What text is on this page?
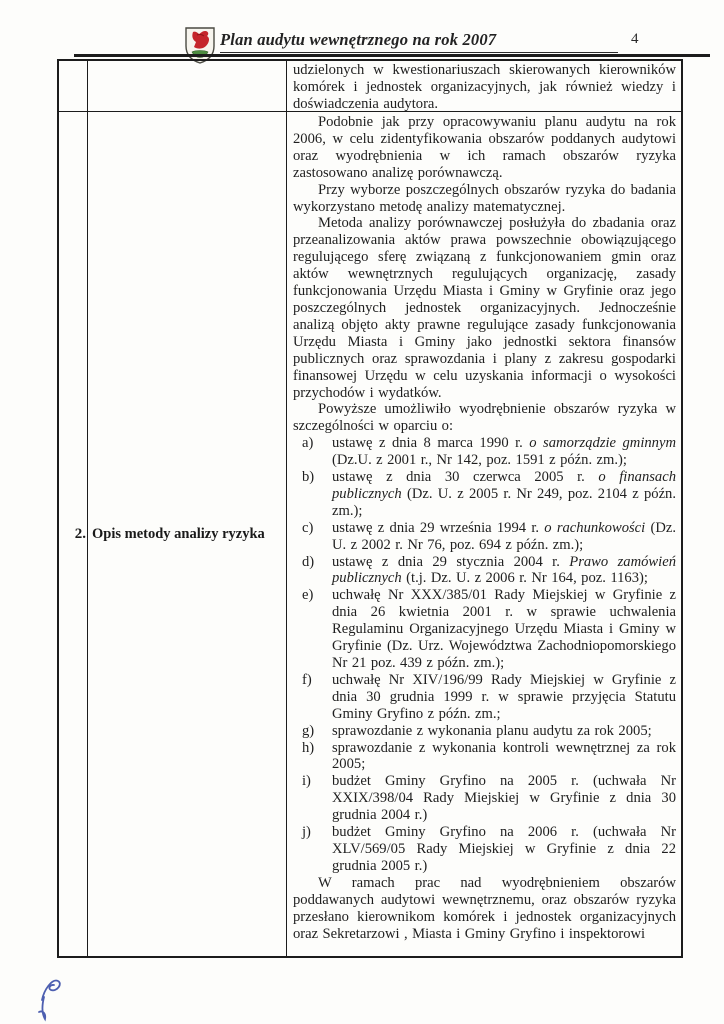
Plan audytu wewnętrznego na rok 2007	4
udzielonych w kwestionariuszach skierowanych kierowników komórek i jednostek organizacyjnych, jak również wiedzy i doświadczenia audytora.
2. Opis metody analizy ryzyka

Podobnie jak przy opracowywaniu planu audytu na rok 2006, w celu zidentyfikowania obszarów poddanych audytowi oraz wyodrębnienia w ich ramach obszarów ryzyka zastosowano analizę porównawczą.

Przy wyborze poszczególnych obszarów ryzyka do badania wykorzystano metodę analizy matematycznej.

Metoda analizy porównawczej posłużyła do zbadania oraz przeanalizowania aktów prawa powszechnie obowiązującego regulującego sferę związaną z funkcjonowaniem gmin oraz aktów wewnętrznych regulujących organizację, zasady funkcjonowania Urzędu Miasta i Gminy w Gryfinie oraz jego poszczególnych jednostek organizacyjnych. Jednocześnie analizą objęto akty prawne regulujące zasady funkcjonowania Urzędu Miasta i Gminy jako jednostki sektora finansów publicznych oraz sprawozdania i plany z zakresu gospodarki finansowej Urzędu w celu uzyskania informacji o wysokości przychodów i wydatków.

Powyższe umożliwiło wyodrębnienie obszarów ryzyka w szczególności w oparciu o:

a) ustawę z dnia 8 marca 1990 r. o samorządzie gminnym (Dz.U. z 2001 r., Nr 142, poz. 1591 z późn. zm.);
b) ustawę z dnia 30 czerwca 2005 r. o finansach publicznych (Dz. U. z 2005 r. Nr 249, poz. 2104 z późn. zm.);
c) ustawę z dnia 29 września 1994 r. o rachunkowości (Dz. U. z 2002 r. Nr 76, poz. 694 z późn. zm.);
d) ustawę z dnia 29 stycznia 2004 r. Prawo zamówień publicznych (t.j. Dz. U. z 2006 r. Nr 164, poz. 1163);
e) uchwałę Nr XXX/385/01 Rady Miejskiej w Gryfinie z dnia 26 kwietnia 2001 r. w sprawie uchwalenia Regulaminu Organizacyjnego Urzędu Miasta i Gminy w Gryfinie (Dz. Urz. Województwa Zachodniopomorskiego Nr 21 poz. 439 z późn. zm.);
f) uchwałę Nr XIV/196/99 Rady Miejskiej w Gryfinie z dnia 30 grudnia 1999 r. w sprawie przyjęcia Statutu Gminy Gryfino z późn. zm.;
g) sprawozdanie z wykonania planu audytu za rok 2005;
h) sprawozdanie z wykonania kontroli wewnętrznej za rok 2005;
i) budżet Gminy Gryfino na 2005 r. (uchwała Nr XXIX/398/04 Rady Miejskiej w Gryfinie z dnia 30 grudnia 2004 r.)
j) budżet Gminy Gryfino na 2006 r. (uchwała Nr XLV/569/05 Rady Miejskiej w Gryfinie z dnia 22 grudnia 2005 r.)

W ramach prac nad wyodrębnieniem obszarów poddawanych audytowi wewnętrznemu, oraz obszarów ryzyka przesłano kierownikom komórek i jednostek organizacyjnych oraz Sekretarzowi , Miasta i Gminy Gryfino i inspektorowi
